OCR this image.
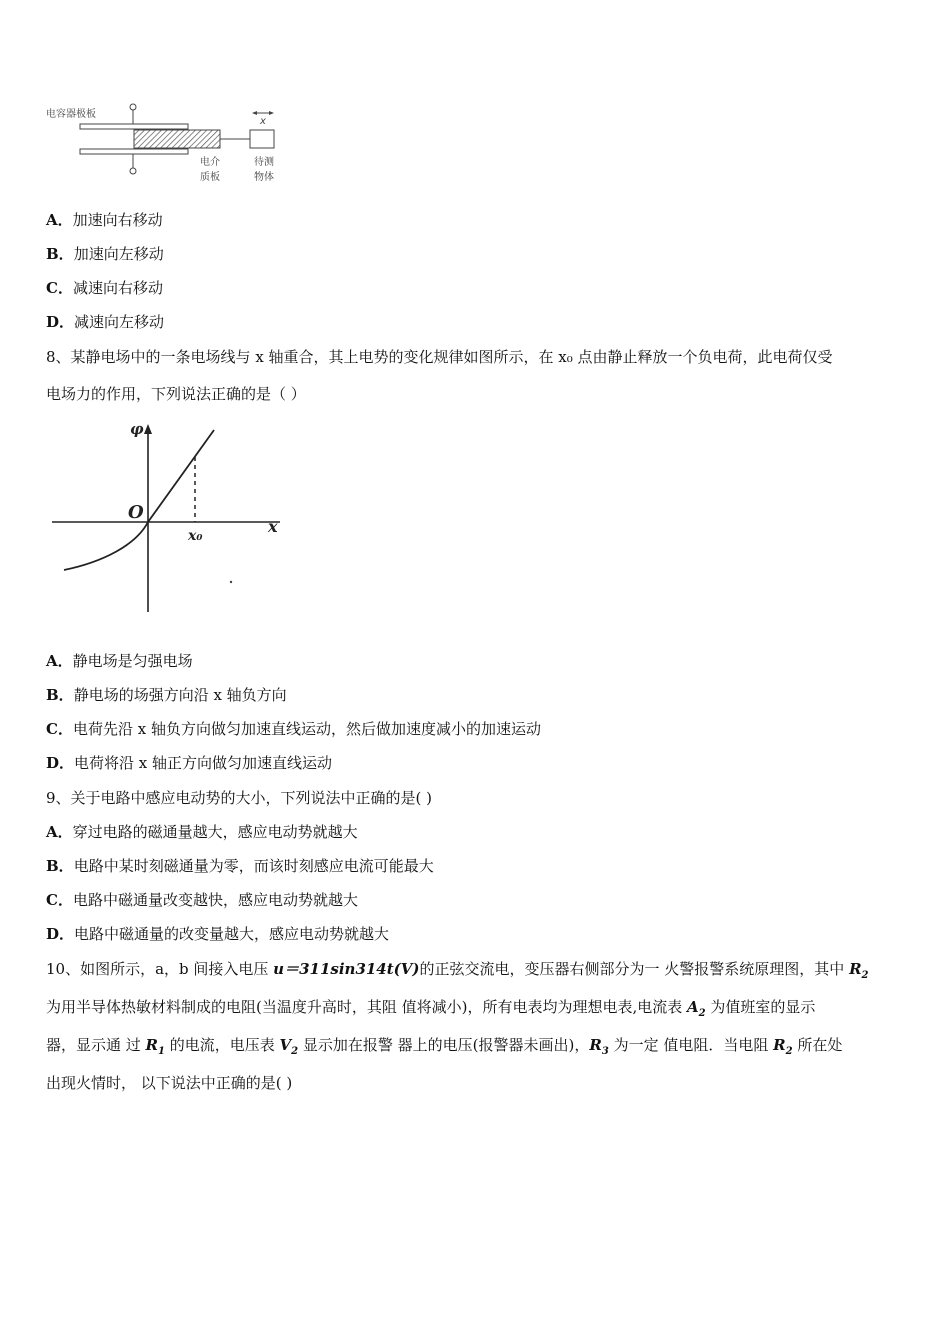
电容器极板
x
电介
质板
待测
物体
A．加速向右移动
B．加速向左移动
C．减速向右移动
D．减速向左移动
8、某静电场中的一条电场线与 x 轴重合，其上电势的变化规律如图所示，在 x₀ 点由静止释放一个负电荷，此电荷仅受
电场力的作用，下列说法正确的是（ ）
φ
O
x
x₀
A．静电场是匀强电场
B．静电场的场强方向沿 x 轴负方向
C．电荷先沿 x 轴负方向做匀加速直线运动，然后做加速度减小的加速运动
D．电荷将沿 x 轴正方向做匀加速直线运动
9、关于电路中感应电动势的大小，下列说法中正确的是( )
A．穿过电路的磁通量越大，感应电动势就越大
B．电路中某时刻磁通量为零，而该时刻感应电流可能最大
C．电路中磁通量改变越快，感应电动势就越大
D．电路中磁通量的改变量越大，感应电动势就越大
10、如图所示，a，b 间接入电压 u＝311sin314t(V)的正弦交流电，变压器右侧部分为一 火警报警系统原理图，其中 $R_2$
为用半导体热敏材料制成的电阻(当温度升高时，其阻 值将减小)，所有电表均为理想电表,电流表 $A_2$ 为值班室的显示
器，显示通 过 $R_1$ 的电流，电压表 $V_2$ 显示加在报警 器上的电压(报警器未画出)，$R_3$ 为一定 值电阻．当电阻 $R_2$ 所在处
出现火情时， 以下说法中正确的是( )
